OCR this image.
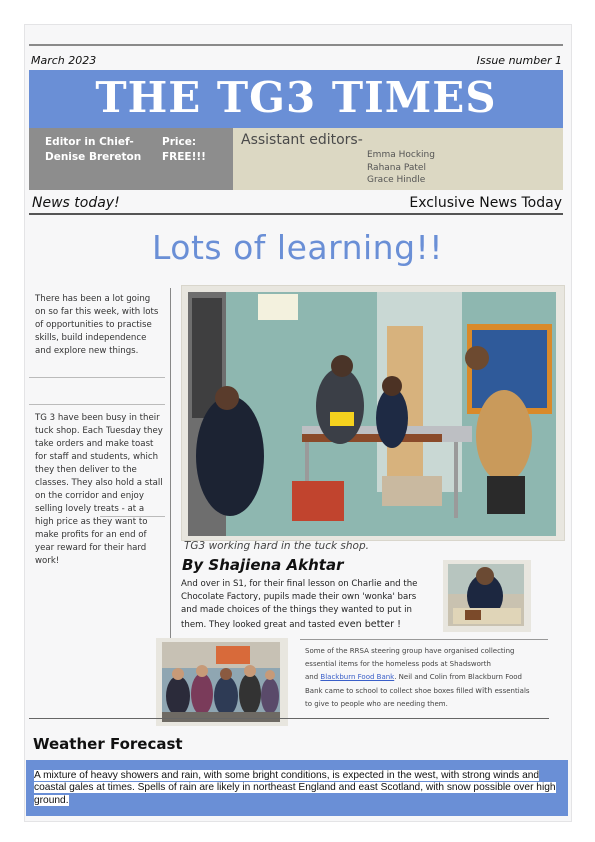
March 2023	Issue number 1
THE TG3 TIMES
Editor in Chief-
Denise Brereton
Price:
FREE!!!
Assistant editors-
Emma Hocking
Rahana Patel
Grace Hindle
News today!	Exclusive News Today
Lots of learning!!
There has been a lot going on so far this week, with lots of opportunities to practise skills, build independence and explore new things.
TG 3 have been busy in their tuck shop. Each Tuesday they take orders and make toast for staff and students, which they then deliver to the classes. They also hold a stall on the corridor and enjoy selling lovely treats - at a high price as they want to make profits for an end of year reward for their hard work!
TG3 working hard in the tuck shop.
By Shajiena Akhtar
And over in S1, for their final lesson on Charlie and the Chocolate Factory, pupils made their own 'wonka' bars and made choices of the things they wanted to put in them. They looked great and tasted even better !
Some of the RRSA steering group have organised collecting
essential items for the homeless pods at Shadsworth
and Blackburn Food Bank. Neil and Colin from Blackburn Food
Bank came to school to collect shoe boxes filled with essentials
to give to people who are needing them.
Weather Forecast
A mixture of heavy showers and rain, with some bright conditions, is expected in the west, with strong winds and coastal gales at times. Spells of rain are likely in northeast England and east Scotland, with snow possible over high ground.
